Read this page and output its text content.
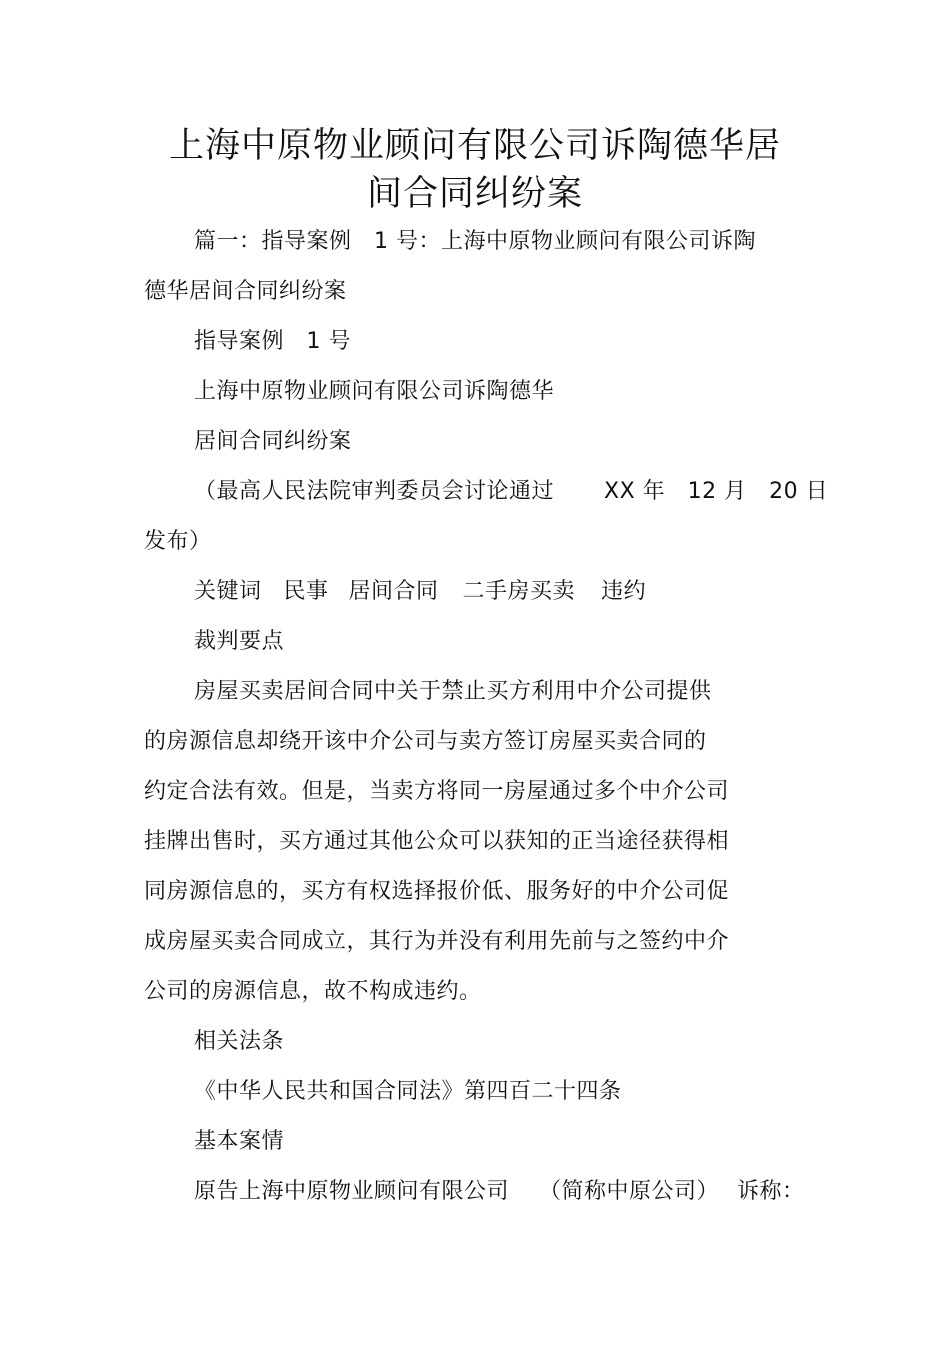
上海中原物业顾问有限公司诉陶德华居
间合同纠纷案
篇一：指导案例　1 号：上海中原物业顾问有限公司诉陶
德华居间合同纠纷案
指导案例　1 号
上海中原物业顾问有限公司诉陶德华
居间合同纠纷案
（最高人民法院审判委员会讨论通过 XX 年　12 月　20 日
发布）
关键词 民事 居间合同 二手房买卖 违约
裁判要点
房屋买卖居间合同中关于禁止买方利用中介公司提供
的房源信息却绕开该中介公司与卖方签订房屋买卖合同的
约定合法有效。但是，当卖方将同一房屋通过多个中介公司
挂牌出售时，买方通过其他公众可以获知的正当途径获得相
同房源信息的，买方有权选择报价低、服务好的中介公司促
成房屋买卖合同成立，其行为并没有利用先前与之签约中介
公司的房源信息，故不构成违约。
相关法条
《中华人民共和国合同法》第四百二十四条
基本案情
原告上海中原物业顾问有限公司 （简称中原公司） 诉称：
